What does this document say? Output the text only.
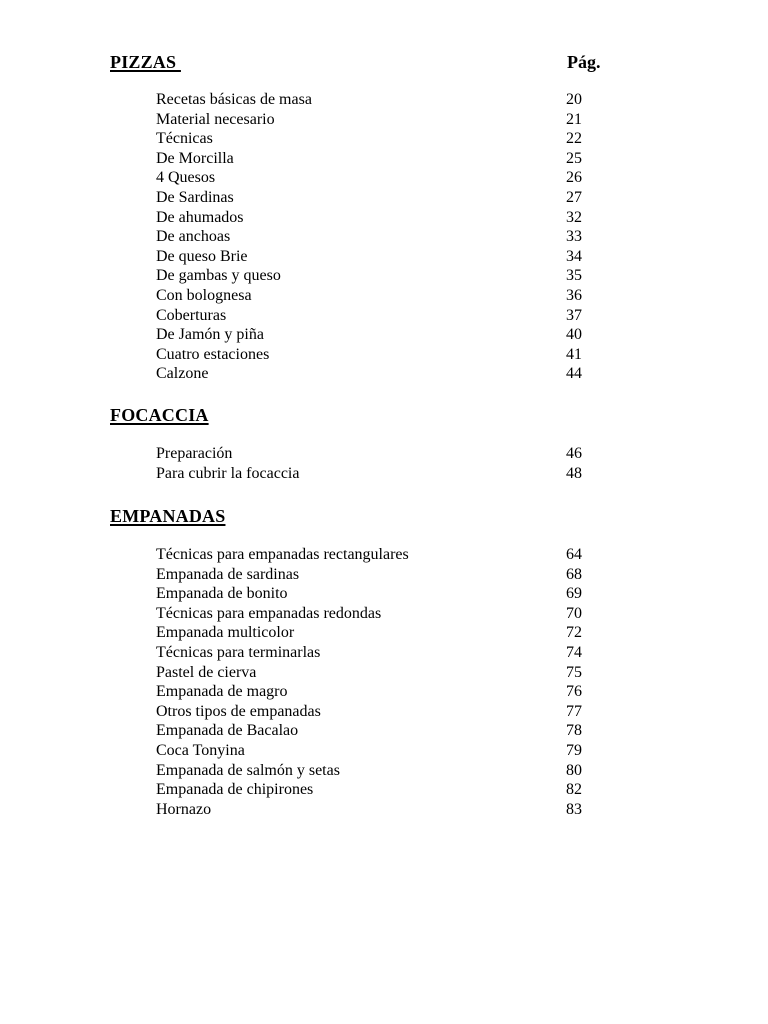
PIZZAS	Pág.
Recetas básicas de masa	20
Material necesario	21
Técnicas	22
De Morcilla	25
4 Quesos	26
De Sardinas	27
De ahumados	32
De anchoas	33
De queso Brie	34
De gambas y queso	35
Con bolognesa	36
Coberturas	37
De Jamón y piña	40
Cuatro estaciones	41
Calzone	44
FOCACCIA
Preparación	46
Para cubrir la focaccia	48
EMPANADAS
Técnicas para empanadas rectangulares	64
Empanada de sardinas	68
Empanada de bonito	69
Técnicas para empanadas redondas	70
Empanada multicolor	72
Técnicas para terminarlas	74
Pastel de cierva	75
Empanada de magro	76
Otros tipos de empanadas	77
Empanada de Bacalao	78
Coca Tonyina	79
Empanada de salmón y setas	80
Empanada de chipirones	82
Hornazo	83
